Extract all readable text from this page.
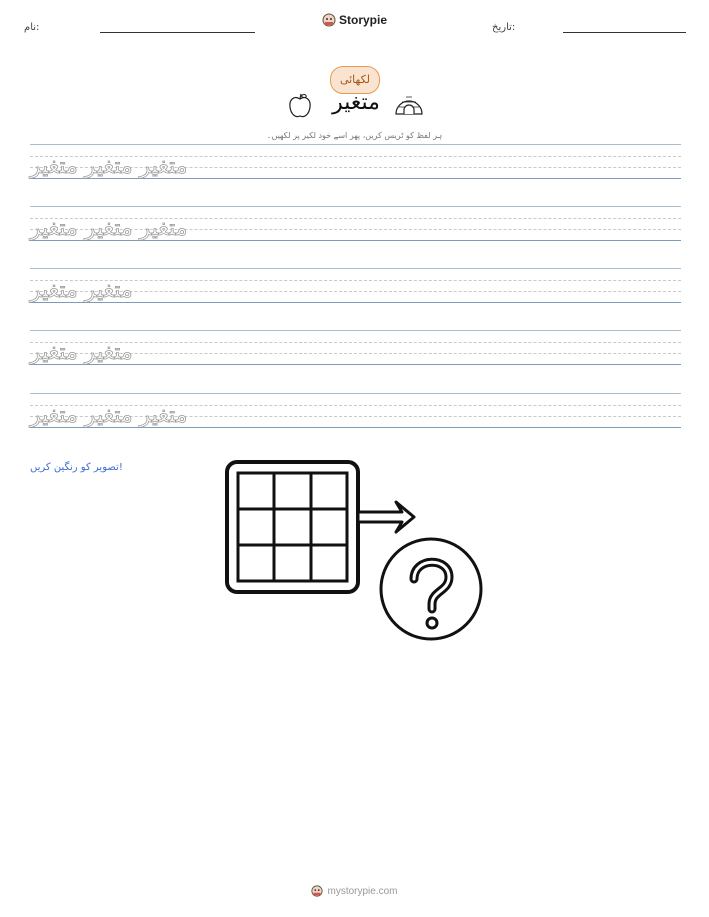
نام:
Storypie
تاریخ:
لکھائی
متغیر
ہر لفظ کو ٹریس کریں، پھر اسے خود لکیر پر لکھیں۔
متغیر متغیر متغیر
متغیر متغیر متغیر
متغیر متغیر
متغیر متغیر
متغیر متغیر متغیر
تصویر کو رنگین کریں!
mystorypie.com
